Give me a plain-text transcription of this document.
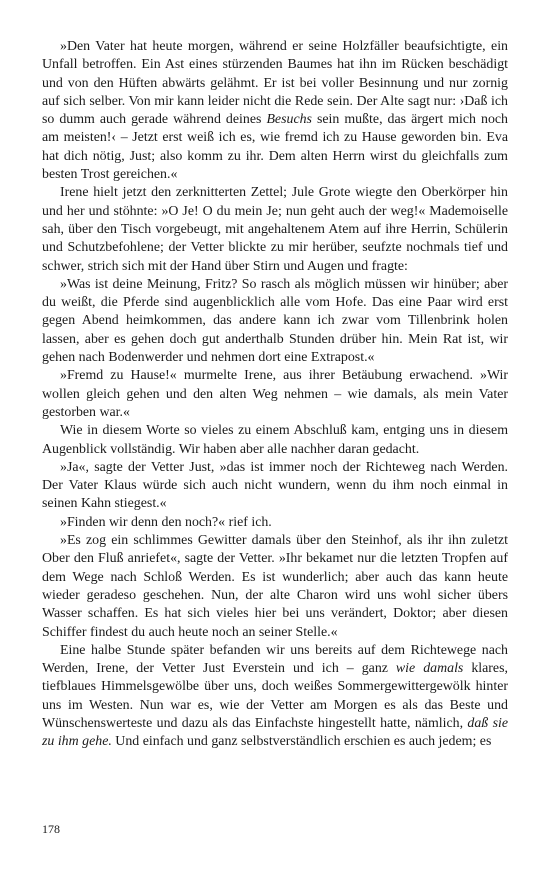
»Den Vater hat heute morgen, während er seine Holzfäller beaufsichtigte, ein Unfall betroffen. Ein Ast eines stürzenden Baumes hat ihn im Rücken beschädigt und von den Hüften abwärts gelähmt. Er ist bei voller Besinnung und nur zornig auf sich selber. Von mir kann leider nicht die Rede sein. Der Alte sagt nur: ›Daß ich so dumm auch gerade während deines Besuchs sein mußte, das ärgert mich noch am meisten!‹ – Jetzt erst weiß ich es, wie fremd ich zu Hause geworden bin. Eva hat dich nötig, Just; also komm zu ihr. Dem alten Herrn wirst du gleichfalls zum besten Trost gereichen.«

Irene hielt jetzt den zerknitterten Zettel; Jule Grote wiegte den Oberkörper hin und her und stöhnte: »O Je! O du mein Je; nun geht auch der weg!« Mademoiselle sah, über den Tisch vorgebeugt, mit angehaltenem Atem auf ihre Herrin, Schülerin und Schutzbefohlene; der Vetter blickte zu mir herüber, seufzte nochmals tief und schwer, strich sich mit der Hand über Stirn und Augen und fragte:

»Was ist deine Meinung, Fritz? So rasch als möglich müssen wir hinüber; aber du weißt, die Pferde sind augenblicklich alle vom Hofe. Das eine Paar wird erst gegen Abend heimkommen, das andere kann ich zwar vom Tillenbrink holen lassen, aber es gehen doch gut anderthalb Stunden drüber hin. Mein Rat ist, wir gehen nach Bodenwerder und nehmen dort eine Extrapost.«

»Fremd zu Hause!« murmelte Irene, aus ihrer Betäubung erwachend. »Wir wollen gleich gehen und den alten Weg nehmen – wie damals, als mein Vater gestorben war.«

Wie in diesem Worte so vieles zu einem Abschluß kam, entging uns in diesem Augenblick vollständig. Wir haben aber alle nachher daran gedacht.

»Ja«, sagte der Vetter Just, »das ist immer noch der Richteweg nach Werden. Der Vater Klaus würde sich auch nicht wundern, wenn du ihm noch einmal in seinen Kahn stiegest.«

»Finden wir denn den noch?« rief ich.

»Es zog ein schlimmes Gewitter damals über den Steinhof, als ihr ihn zuletzt Ober den Fluß anriefet«, sagte der Vetter. »Ihr bekamet nur die letzten Tropfen auf dem Wege nach Schloß Werden. Es ist wunderlich; aber auch das kann heute wieder geradeso geschehen. Nun, der alte Charon wird uns wohl sicher übers Wasser schaffen. Es hat sich vieles hier bei uns verändert, Doktor; aber diesen Schiffer findest du auch heute noch an seiner Stelle.«

Eine halbe Stunde später befanden wir uns bereits auf dem Richtewege nach Werden, Irene, der Vetter Just Everstein und ich – ganz wie damals klares, tiefblaues Himmelsgewölbe über uns, doch weißes Sommergewittergewölk hinter uns im Westen. Nun war es, wie der Vetter am Morgen es als das Beste und Wünschenswerteste und dazu als das Einfachste hingestellt hatte, nämlich, daß sie zu ihm gehe. Und einfach und ganz selbstverständlich erschien es auch jedem; es

178
